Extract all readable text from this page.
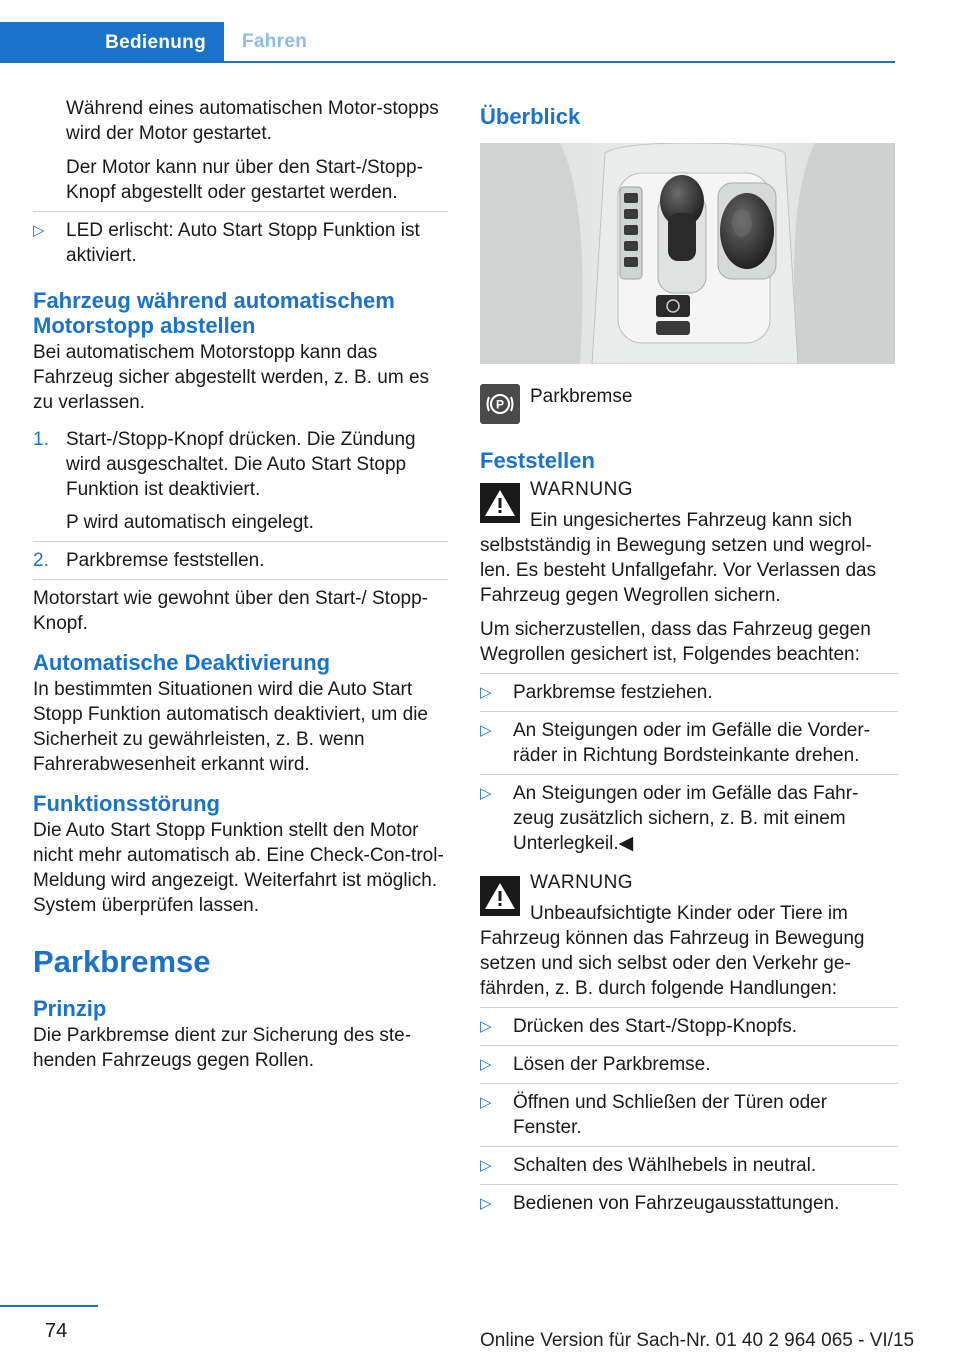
Bedienung Fahren

Während eines automatischen Motor-stopps wird der Motor gestartet.

Der Motor kann nur über den Start-/Stopp-Knopf abgestellt oder gestartet werden.

▷ LED erlischt: Auto Start Stopp Funktion ist aktiviert.
Fahrzeug während automatischem Motorstopp abstellen

Bei automatischem Motorstopp kann das Fahrzeug sicher abgestellt werden, z. B. um es zu verlassen.

1. Start-/Stopp-Knopf drücken. Die Zündung wird ausgeschaltet. Die Auto Start Stopp Funktion ist deaktiviert.
P wird automatisch eingelegt.
2. Parkbremse feststellen.

Motorstart wie gewohnt über den Start-/ Stopp-Knopf.

Automatische Deaktivierung

In bestimmten Situationen wird die Auto Start Stopp Funktion automatisch deaktiviert, um die Sicherheit zu gewährleisten, z. B. wenn Fahrerabwesenheit erkannt wird.

Funktionsstörung

Die Auto Start Stopp Funktion stellt den Motor nicht mehr automatisch ab. Eine Check-Con-trol-Meldung wird angezeigt. Weiterfahrt ist möglich. System überprüfen lassen.

Parkbremse
Prinzip

Die Parkbremse dient zur Sicherung des ste-henden Fahrzeugs gegen Rollen.

Überblick
P Parkbremse
Feststellen
WARNUNG

Ein ungesichertes Fahrzeug kann sich
selbstständig in Bewegung setzen und wegrol-len. Es besteht Unfallgefahr. Vor Verlassen das Fahrzeug gegen Wegrollen sichern.

Um sicherzustellen, dass das Fahrzeug gegen Wegrollen gesichert ist, Folgendes beachten:

▷ Parkbremse festziehen.
▷ An Steigungen oder im Gefälle die Vorder-räder in Richtung Bordsteinkante drehen.
▷ An Steigungen oder im Gefälle das Fahr-zeug zusätzlich sichern, z. B. mit einem Unterlegkeil.◀
WARNUNG

Unbeaufsichtigte Kinder oder Tiere im
Fahrzeug können das Fahrzeug in Bewegung setzen und sich selbst oder den Verkehr ge-fährden, z. B. durch folgende Handlungen:

▷ Drücken des Start-/Stopp-Knopfs.
▷ Lösen der Parkbremse.
▷ Öffnen und Schließen der Türen oder Fenster.
▷ Schalten des Wählhebels in neutral.
▷ Bedienen von Fahrzeugausstattungen.
74	Online Version für Sach-Nr. 01 40 2 964 065 - VI/15
